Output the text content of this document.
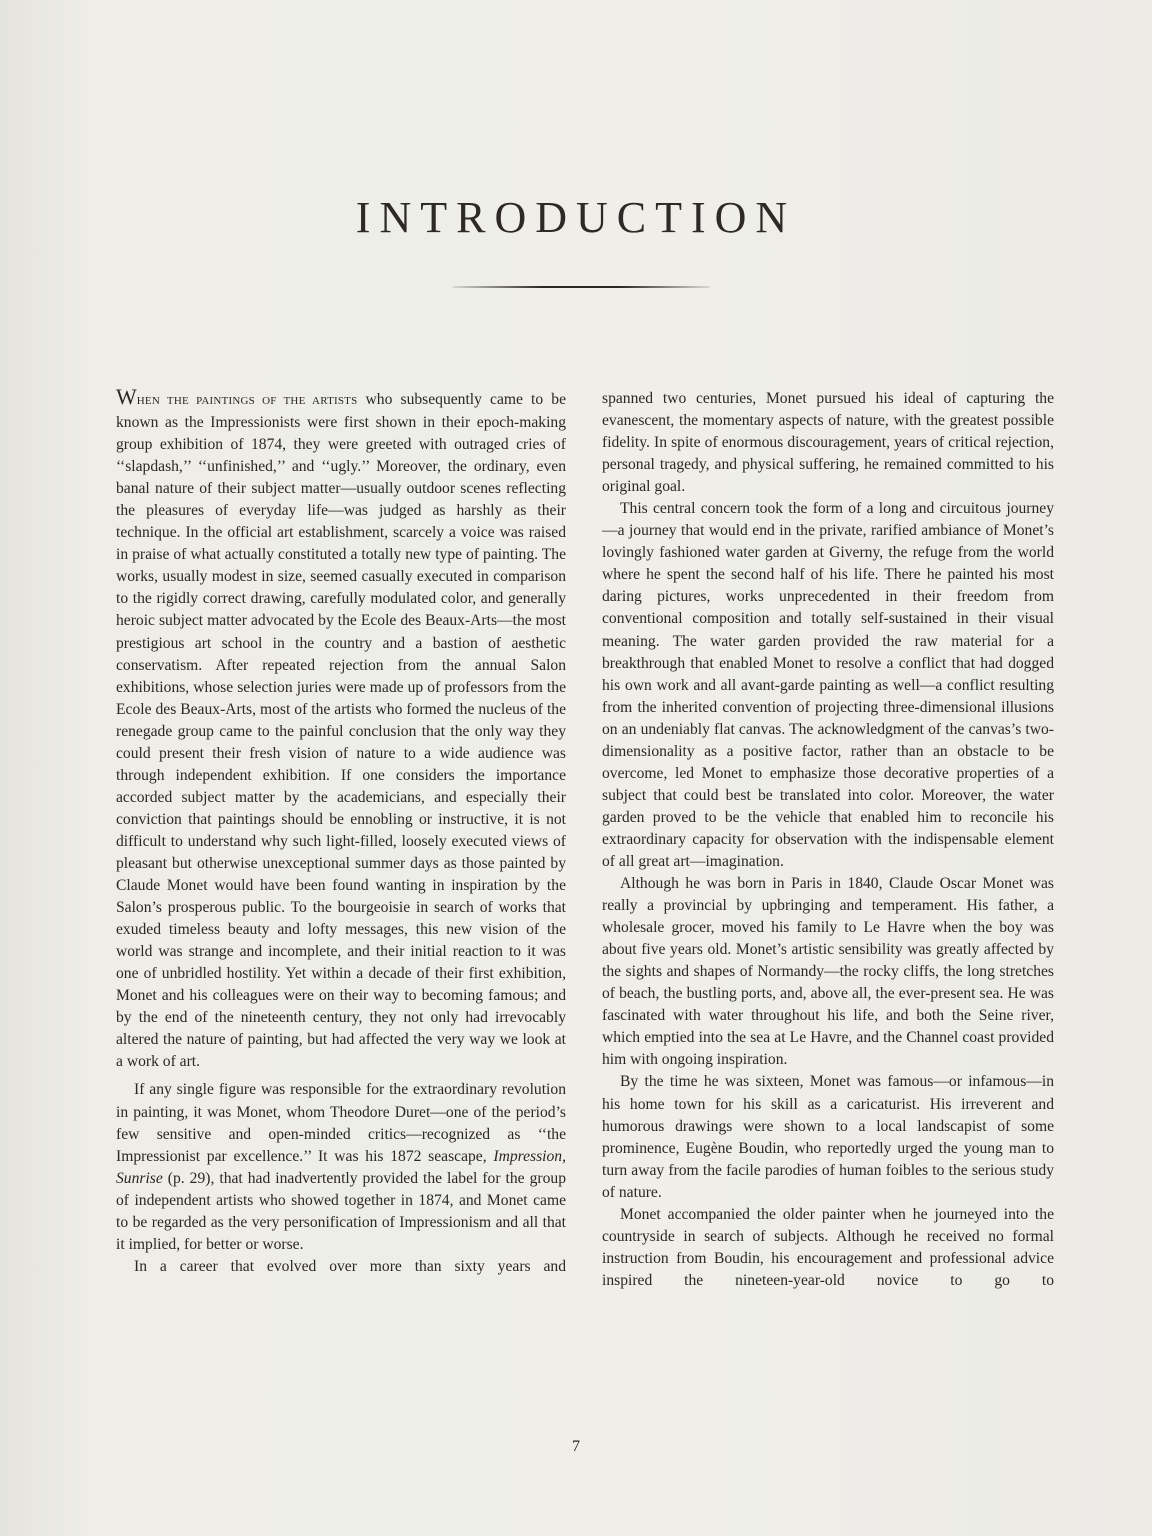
INTRODUCTION

WHEN THE PAINTINGS OF THE ARTISTS who subsequently came to be known as the Impressionists were first shown in their epoch-making group exhibition of 1874, they were greeted with outraged cries of ‘‘slapdash,’’ ‘‘unfinished,’’ and ‘‘ugly.’’ Moreover, the ordinary, even banal nature of their subject matter—usually outdoor scenes reflecting the pleasures of everyday life—was judged as harshly as their technique. In the official art establishment, scarcely a voice was raised in praise of what actually constituted a totally new type of painting. The works, usually modest in size, seemed casually executed in comparison to the rigidly correct drawing, carefully modulated color, and generally heroic subject matter advocated by the Ecole des Beaux-Arts—the most prestigious art school in the country and a bastion of aesthetic conservatism. After repeated rejection from the annual Salon exhibitions, whose selection juries were made up of professors from the Ecole des Beaux-Arts, most of the artists who formed the nucleus of the renegade group came to the painful conclusion that the only way they could present their fresh vision of nature to a wide audience was through independent exhibition. If one considers the importance accorded subject matter by the academicians, and especially their conviction that paintings should be ennobling or instructive, it is not difficult to understand why such light-filled, loosely executed views of pleasant but otherwise unexceptional summer days as those painted by Claude Monet would have been found wanting in inspiration by the Salon’s prosperous public. To the bourgeoisie in search of works that exuded timeless beauty and lofty messages, this new vision of the world was strange and incomplete, and their initial reaction to it was one of unbridled hostility. Yet within a decade of their first exhibition, Monet and his colleagues were on their way to becoming famous; and by the end of the nineteenth century, they not only had irrevocably altered the nature of painting, but had affected the very way we look at a work of art.

If any single figure was responsible for the extraordinary revolution in painting, it was Monet, whom Theodore Duret—one of the period’s few sensitive and open-minded critics—recognized as ‘‘the Impressionist par excellence.’’ It was his 1872 seascape, Impression, Sunrise (p. 29), that had inadvertently provided the label for the group of independent artists who showed together in 1874, and Monet came to be regarded as the very personification of Impressionism and all that it implied, for better or worse.

In a career that evolved over more than sixty years and

spanned two centuries, Monet pursued his ideal of capturing the evanescent, the momentary aspects of nature, with the greatest possible fidelity. In spite of enormous discouragement, years of critical rejection, personal tragedy, and physical suffering, he remained committed to his original goal.

This central concern took the form of a long and circuitous journey—a journey that would end in the private, rarified ambiance of Monet’s lovingly fashioned water garden at Giverny, the refuge from the world where he spent the second half of his life. There he painted his most daring pictures, works unprecedented in their freedom from conventional composition and totally self-sustained in their visual meaning. The water garden provided the raw material for a breakthrough that enabled Monet to resolve a conflict that had dogged his own work and all avant-garde painting as well—a conflict resulting from the inherited convention of projecting three-dimensional illusions on an undeniably flat canvas. The acknowledgment of the canvas’s two-dimensionality as a positive factor, rather than an obstacle to be overcome, led Monet to emphasize those decorative properties of a subject that could best be translated into color. Moreover, the water garden proved to be the vehicle that enabled him to reconcile his extraordinary capacity for observation with the indispensable element of all great art—imagination.

Although he was born in Paris in 1840, Claude Oscar Monet was really a provincial by upbringing and temperament. His father, a wholesale grocer, moved his family to Le Havre when the boy was about five years old. Monet’s artistic sensibility was greatly affected by the sights and shapes of Normandy—the rocky cliffs, the long stretches of beach, the bustling ports, and, above all, the ever-present sea. He was fascinated with water throughout his life, and both the Seine river, which emptied into the sea at Le Havre, and the Channel coast provided him with ongoing inspiration.

By the time he was sixteen, Monet was famous—or infamous—in his home town for his skill as a caricaturist. His irreverent and humorous drawings were shown to a local landscapist of some prominence, Eugène Boudin, who reportedly urged the young man to turn away from the facile parodies of human foibles to the serious study of nature.

Monet accompanied the older painter when he journeyed into the countryside in search of subjects. Although he received no formal instruction from Boudin, his encouragement and professional advice inspired the nineteen-year-old novice to go to

7
